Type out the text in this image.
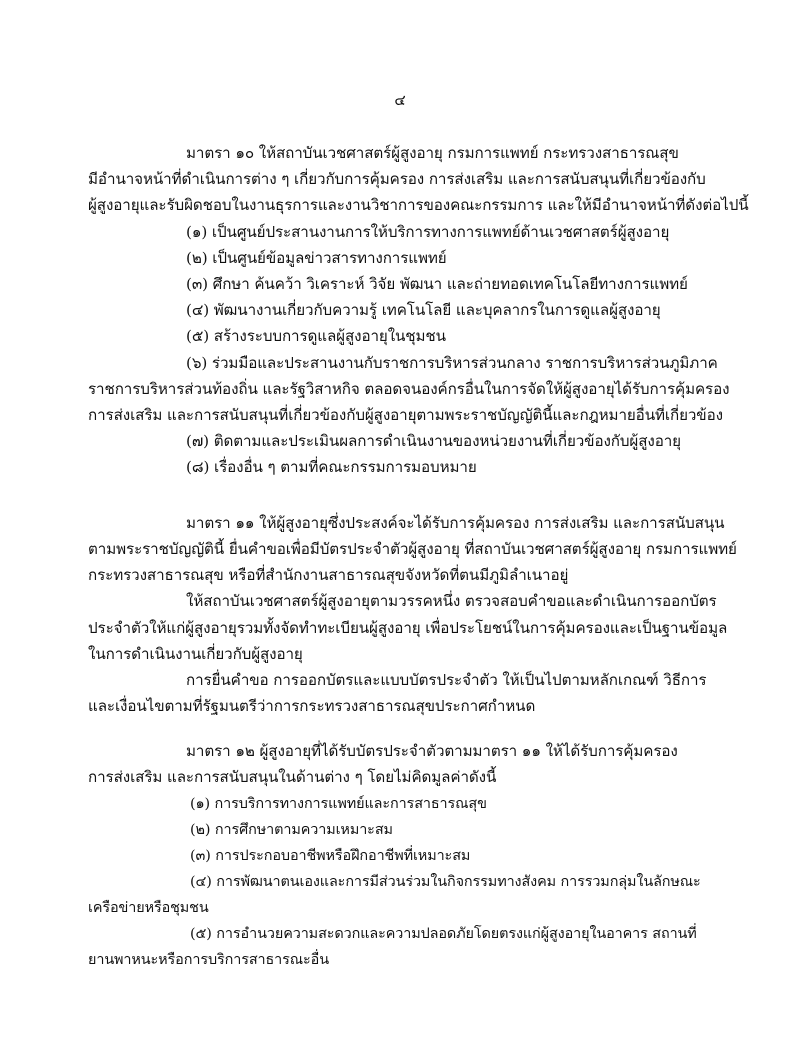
๔
มาตรา ๑๐ ให้สถาบันเวชศาสตร์ผู้สูงอายุ กรมการแพทย์ กระทรวงสาธารณสุข
มีอำนาจหน้าที่ดำเนินการต่าง ๆ เกี่ยวกับการคุ้มครอง การส่งเสริม และการสนับสนุนที่เกี่ยวข้องกับ
ผู้สูงอายุและรับผิดชอบในงานธุรการและงานวิชาการของคณะกรรมการ และให้มีอำนาจหน้าที่ดังต่อไปนี้
(๑) เป็นศูนย์ประสานงานการให้บริการทางการแพทย์ด้านเวชศาสตร์ผู้สูงอายุ
(๒) เป็นศูนย์ข้อมูลข่าวสารทางการแพทย์
(๓) ศึกษา ค้นคว้า วิเคราะห์ วิจัย พัฒนา และถ่ายทอดเทคโนโลยีทางการแพทย์
(๔) พัฒนางานเกี่ยวกับความรู้ เทคโนโลยี และบุคลากรในการดูแลผู้สูงอายุ
(๕) สร้างระบบการดูแลผู้สูงอายุในชุมชน
(๖) ร่วมมือและประสานงานกับราชการบริหารส่วนกลาง ราชการบริหารส่วนภูมิภาค
ราชการบริหารส่วนท้องถิ่น และรัฐวิสาหกิจ ตลอดจนองค์กรอื่นในการจัดให้ผู้สูงอายุได้รับการคุ้มครอง
การส่งเสริม และการสนับสนุนที่เกี่ยวข้องกับผู้สูงอายุตามพระราชบัญญัตินี้และกฎหมายอื่นที่เกี่ยวข้อง
(๗) ติดตามและประเมินผลการดำเนินงานของหน่วยงานที่เกี่ยวข้องกับผู้สูงอายุ
(๘) เรื่องอื่น ๆ ตามที่คณะกรรมการมอบหมาย
มาตรา ๑๑ ให้ผู้สูงอายุซึ่งประสงค์จะได้รับการคุ้มครอง การส่งเสริม และการสนับสนุน
ตามพระราชบัญญัตินี้ ยื่นคำขอเพื่อมีบัตรประจำตัวผู้สูงอายุ ที่สถาบันเวชศาสตร์ผู้สูงอายุ กรมการแพทย์
กระทรวงสาธารณสุข หรือที่สำนักงานสาธารณสุขจังหวัดที่ตนมีภูมิลำเนาอยู่
ให้สถาบันเวชศาสตร์ผู้สูงอายุตามวรรคหนึ่ง ตรวจสอบคำขอและดำเนินการออกบัตร
ประจำตัวให้แก่ผู้สูงอายุรวมทั้งจัดทำทะเบียนผู้สูงอายุ เพื่อประโยชน์ในการคุ้มครองและเป็นฐานข้อมูล
ในการดำเนินงานเกี่ยวกับผู้สูงอายุ
การยื่นคำขอ การออกบัตรและแบบบัตรประจำตัว ให้เป็นไปตามหลักเกณฑ์ วิธีการ
และเงื่อนไขตามที่รัฐมนตรีว่าการกระทรวงสาธารณสุขประกาศกำหนด
มาตรา ๑๒ ผู้สูงอายุที่ได้รับบัตรประจำตัวตามมาตรา ๑๑ ให้ได้รับการคุ้มครอง
การส่งเสริม และการสนับสนุนในด้านต่าง ๆ โดยไม่คิดมูลค่าดังนี้
(๑) การบริการทางการแพทย์และการสาธารณสุข
(๒) การศึกษาตามความเหมาะสม
(๓) การประกอบอาชีพหรือฝึกอาชีพที่เหมาะสม
(๔) การพัฒนาตนเองและการมีส่วนร่วมในกิจกรรมทางสังคม การรวมกลุ่มในลักษณะ
เครือข่ายหรือชุมชน
(๕) การอำนวยความสะดวกและความปลอดภัยโดยตรงแก่ผู้สูงอายุในอาคาร สถานที่
ยานพาหนะหรือการบริการสาธารณะอื่น
